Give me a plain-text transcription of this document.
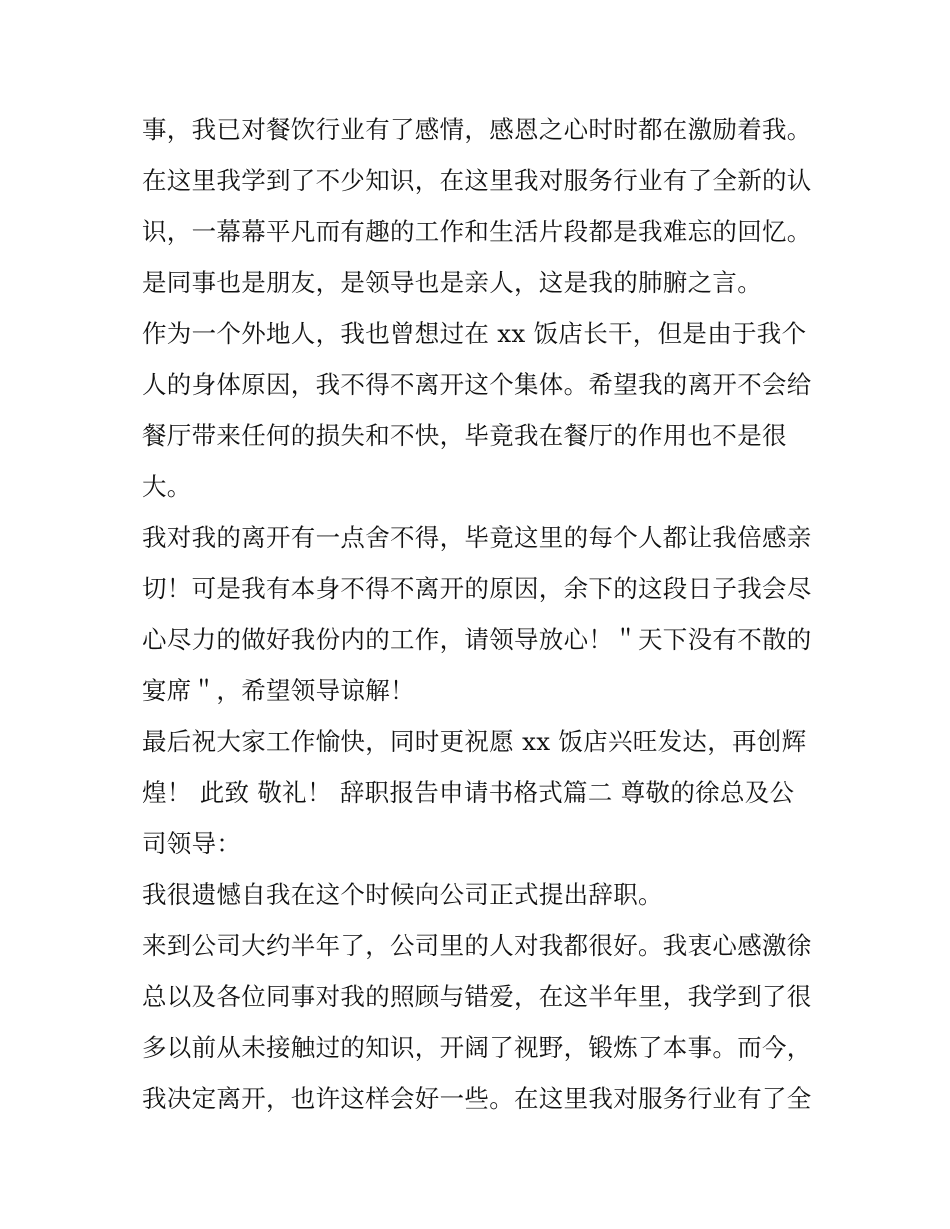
事，我已对餐饮行业有了感情，感恩之心时时都在激励着我。
在这里我学到了不少知识，在这里我对服务行业有了全新的认
识，一幕幕平凡而有趣的工作和生活片段都是我难忘的回忆。
是同事也是朋友，是领导也是亲人，这是我的肺腑之言。
作为一个外地人，我也曾想过在 xx 饭店长干，但是由于我个
人的身体原因，我不得不离开这个集体。希望我的离开不会给
餐厅带来任何的损失和不快，毕竟我在餐厅的作用也不是很
大。
我对我的离开有一点舍不得，毕竟这里的每个人都让我倍感亲
切！可是我有本身不得不离开的原因，余下的这段日子我会尽
心尽力的做好我份内的工作，请领导放心！＂天下没有不散的
宴席＂，希望领导谅解！
最后祝大家工作愉快，同时更祝愿 xx 饭店兴旺发达，再创辉
煌！ 此致 敬礼！ 辞职报告申请书格式篇二 尊敬的徐总及公
司领导：
我很遗憾自我在这个时候向公司正式提出辞职。
来到公司大约半年了，公司里的人对我都很好。我衷心感激徐
总以及各位同事对我的照顾与错爱，在这半年里，我学到了很
多以前从未接触过的知识，开阔了视野，锻炼了本事。而今，
我决定离开，也许这样会好一些。在这里我对服务行业有了全
